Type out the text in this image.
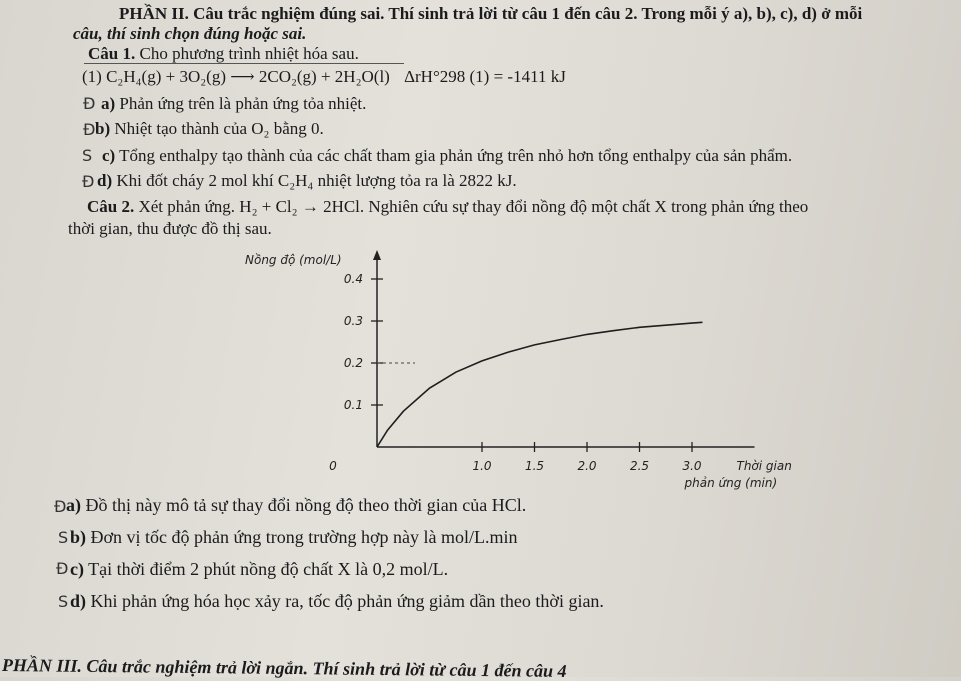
PHẦN II. Câu trắc nghiệm đúng sai. Thí sinh trả lời từ câu 1 đến câu 2. Trong mỗi ý a), b), c), d) ở mỗi
câu, thí sinh chọn đúng hoặc sai.
Câu 1. Cho phương trình nhiệt hóa sau.
(1) C₂H₄(g) + 3O₂(g) ⟶ 2CO₂(g) + 2H₂O(l) ΔrH°298 (1) = -1411 kJ
Đ a) Phản ứng trên là phản ứng tỏa nhiệt.
Đ b) Nhiệt tạo thành của O₂ bằng 0.
S c) Tổng enthalpy tạo thành của các chất tham gia phản ứng trên nhỏ hơn tổng enthalpy của sản phẩm.
Đ d) Khi đốt cháy 2 mol khí C₂H₄ nhiệt lượng tỏa ra là 2822 kJ.
Câu 2. Xét phản ứng. H₂ + Cl₂ → 2HCl. Nghiên cứu sự thay đổi nồng độ một chất X trong phản ứng theo
thời gian, thu được đồ thị sau.
0.1
0.2
0.3
0.4
1.0	1.5	2.0	2.5	3.0
0
Nồng độ (mol/L)
Thời gian
phản ứng (min)
Đ a) Đồ thị này mô tả sự thay đổi nồng độ theo thời gian của HCl.
S b) Đơn vị tốc độ phản ứng trong trường hợp này là mol/L.min
Đ c) Tại thời điểm 2 phút nồng độ chất X là 0,2 mol/L.
S d) Khi phản ứng hóa học xảy ra, tốc độ phản ứng giảm dần theo thời gian.
PHẦN III. Câu trắc nghiệm trả lời ngắn. Thí sinh trả lời từ câu 1 đến câu 4
